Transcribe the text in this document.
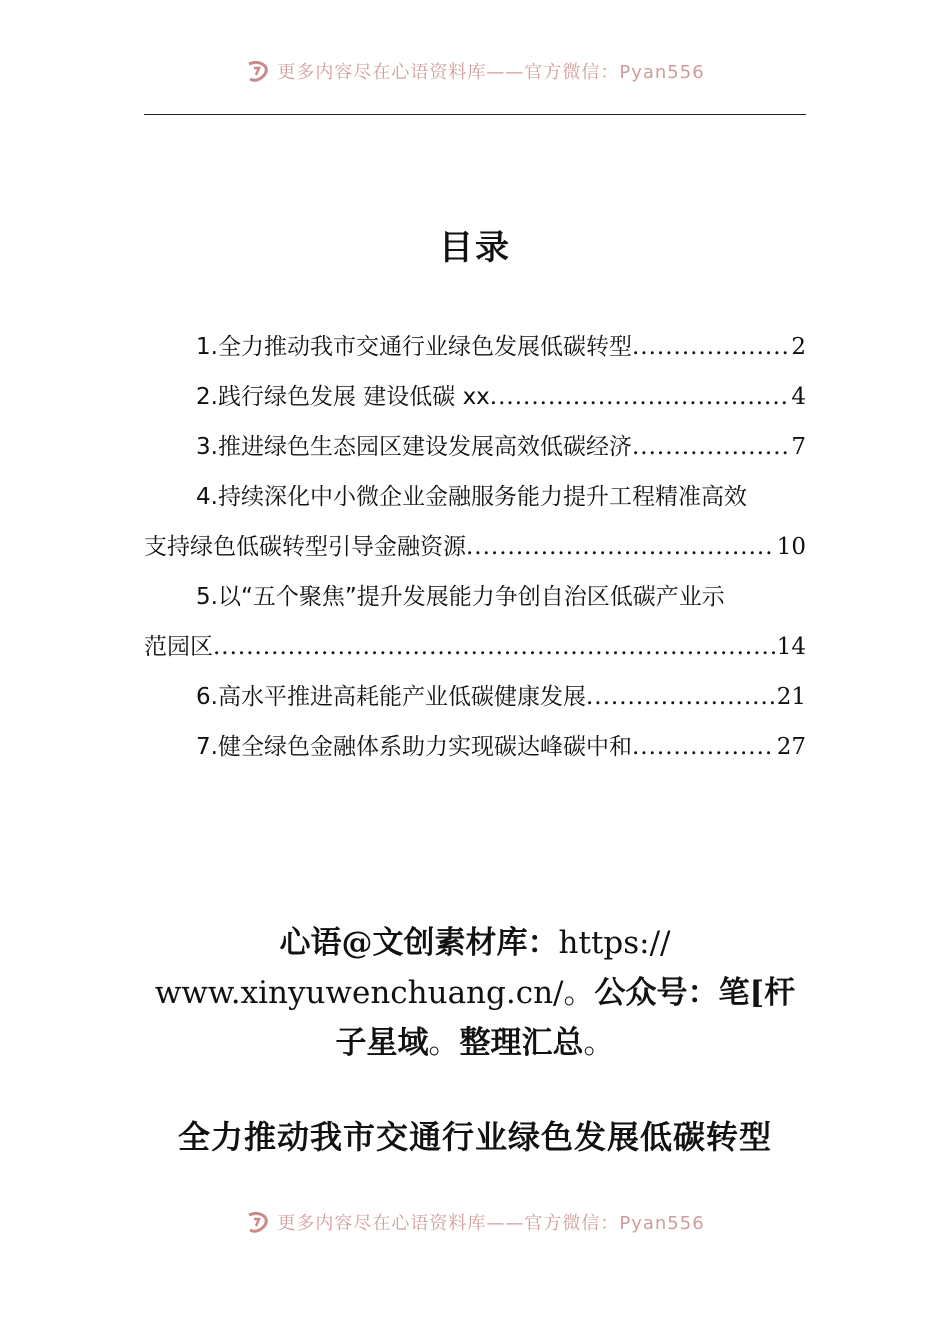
更多内容尽在心语资料库——官方微信：Pyan556
目录
1.全力推动我市交通行业绿色发展低碳转型 .....	2
2.践行绿色发展 建设低碳 xx .....	4
3.推进绿色生态园区建设发展高效低碳经济 .....	7
4.持续深化中小微企业金融服务能力提升工程精准高效
支持绿色低碳转型引导金融资源 .....	10
5.以“五个聚焦”提升发展能力争创自治区低碳产业示
范园区 .....	14
6.高水平推进高耗能产业低碳健康发展 .....	21
7.健全绿色金融体系助力实现碳达峰碳中和 .....	27
心语@文创素材库：https://
www.xinyuwenchuang.cn/。公众号：笔[杆
子星域。整理汇总。
全力推动我市交通行业绿色发展低碳转型
更多内容尽在心语资料库——官方微信：Pyan556
